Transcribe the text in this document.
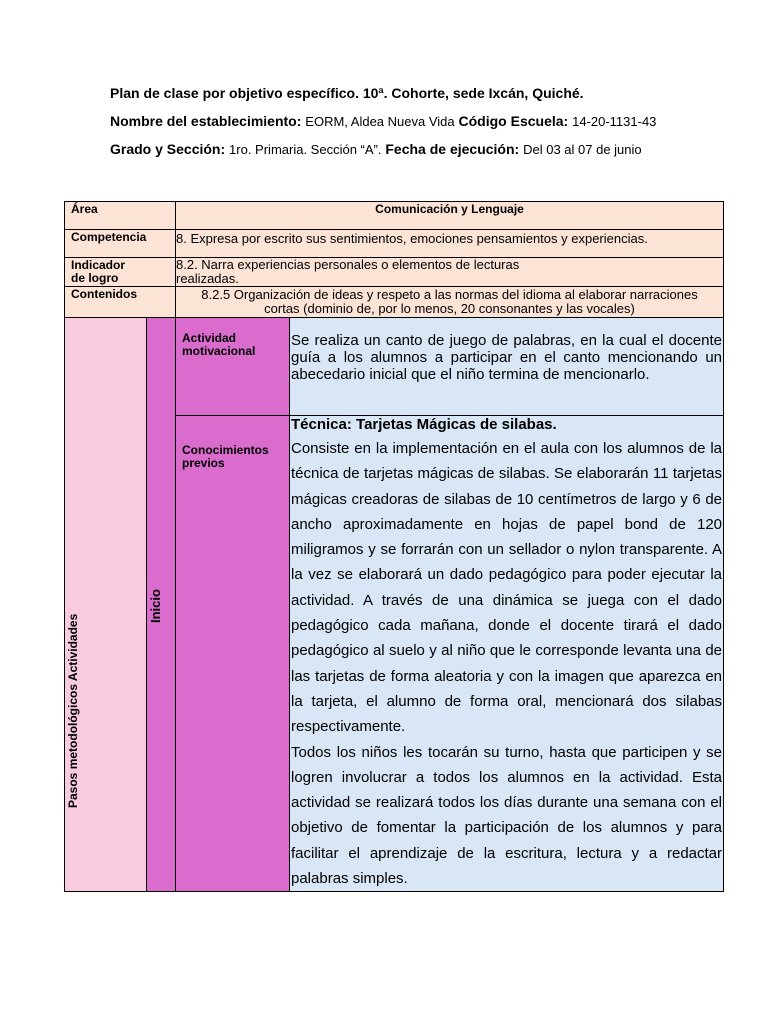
Plan de clase por objetivo específico. 10ª. Cohorte, sede Ixcán, Quiché.
Nombre del establecimiento: EORM, Aldea Nueva Vida Código Escuela: 14-20-1131-43
Grado y Sección: 1ro. Primaria. Sección “A”. Fecha de ejecución: Del 03 al 07 de junio
Área		Comunicación y Lenguaje	

Competencia		8. Expresa por escrito sus sentimientos, emociones pensamientos y experiencias.	

Indicador
de logro		8.2. Narra experiencias personales o elementos de lecturas
realizadas.	

Contenidos		8.2.5 Organización de ideas y respeto a las normas del idioma al elaborar narraciones
cortas (dominio de, por lo menos, 20 consonantes y las vocales)	

		Actividad motivacional	Se realiza un canto de juego de palabras, en la cual el docente guía a los alumnos a participar en el canto mencionando un abecedario inicial que el niño termina de mencionarlo.

		Conocimientos previos	Técnica: Tarjetas Mágicas de silabas.
Consiste en la implementación en el aula con los alumnos de la técnica de tarjetas mágicas de silabas. Se elaborarán 11 tarjetas mágicas creadoras de silabas de 10 centímetros de largo y 6 de ancho aproximadamente en hojas de papel bond de 120 miligramos y se forrarán con un sellador o nylon transparente. A la vez se elaborará un dado pedagógico para poder ejecutar la actividad. A través de una dinámica se juega con el dado pedagógico cada mañana, donde el docente tirará el dado pedagógico al suelo y al niño que le corresponde levanta una de las tarjetas de forma aleatoria y con la imagen que aparezca en la tarjeta, el alumno de forma oral, mencionará dos silabas respectivamente.
Todos los niños les tocarán su turno, hasta que participen y se logren involucrar a todos los alumnos en la actividad. Esta actividad se realizará todos los días durante una semana con el objetivo de fomentar la participación de los alumnos y para facilitar el aprendizaje de la escritura, lectura y a redactar palabras simples.
Pasos metodológicos Actividades
Inicio
